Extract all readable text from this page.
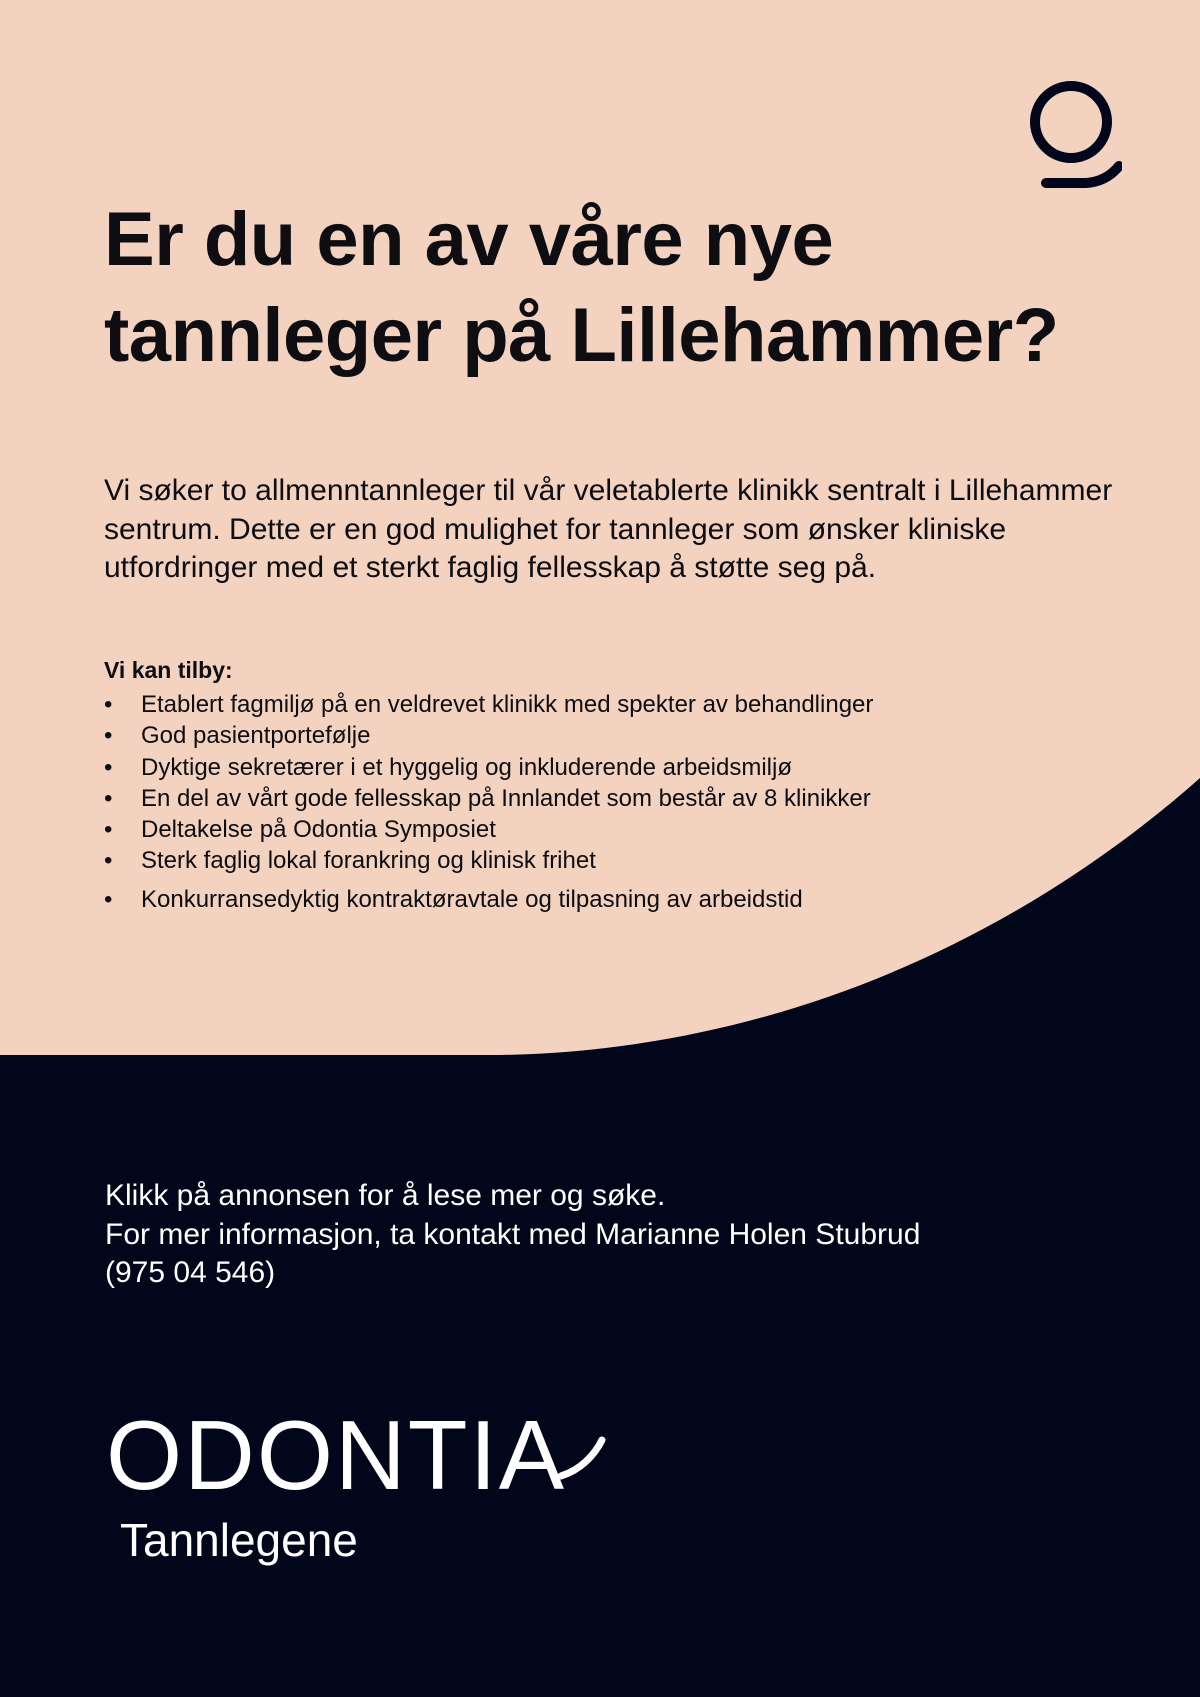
Er du en av våre nye tannleger på Lillehammer?

Vi søker to allmenntannleger til vår veletablerte klinikk sentralt i Lillehammer sentrum. Dette er en god mulighet for tannleger som ønsker kliniske utfordringer med et sterkt faglig fellesskap å støtte seg på.

Vi kan tilby:

• Etablert fagmiljø på en veldrevet klinikk med spekter av behandlinger
• God pasientportefølje
• Dyktige sekretærer i et hyggelig og inkluderende arbeidsmiljø
• En del av vårt gode fellesskap på Innlandet som består av 8 klinikker
• Deltakelse på Odontia Symposiet
• Sterk faglig lokal forankring og klinisk frihet
• Konkurransedyktig kontraktøravtale og tilpasning av arbeidstid

Klikk på annonsen for å lese mer og søke.

For mer informasjon, ta kontakt med Marianne Holen Stubrud

(975 04 546)

ODONTIA

Tannlegene
